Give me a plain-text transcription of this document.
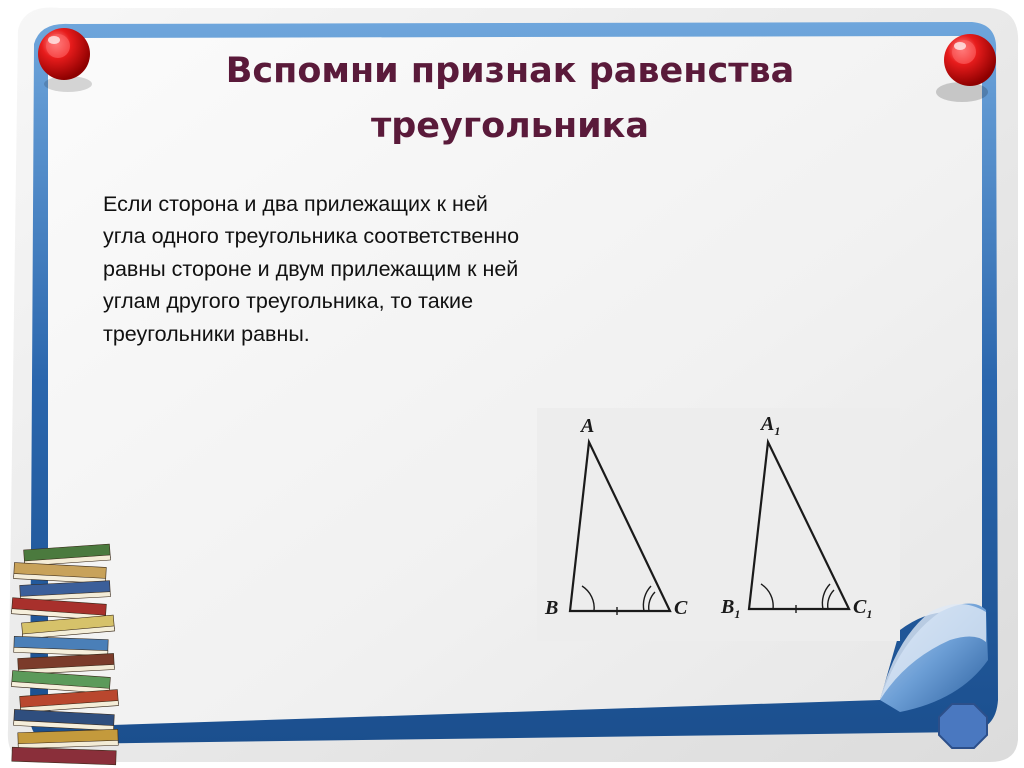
Вспомни признак равенства
треугольника

Если сторона и два прилежащих к ней угла одного треугольника соответственно равны стороне и двум прилежащим к ней углам другого треугольника, то такие треугольники равны.

A
B	C
$A_1$
$B_1$	$C_1$
